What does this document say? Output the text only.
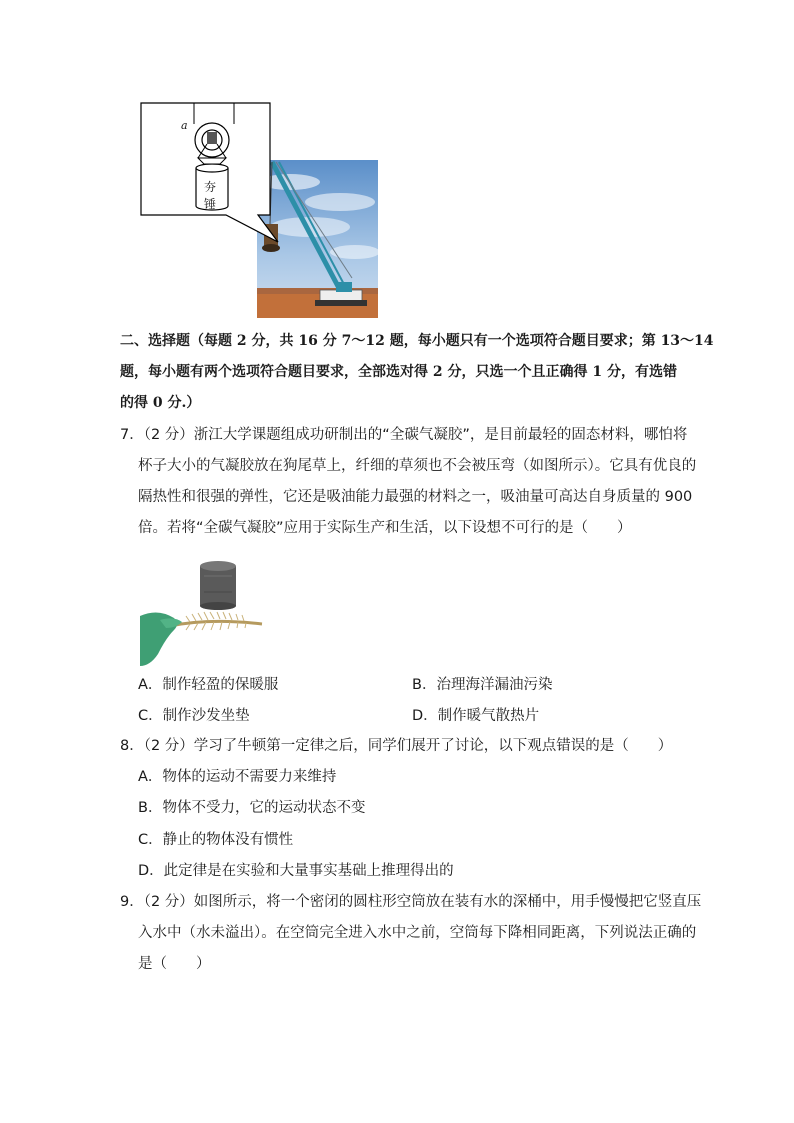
a
夯
锤
二、选择题（每题 2 分，共 16 分 7～12 题，每小题只有一个选项符合题目要求；第 13～14
题，每小题有两个选项符合题目要求，全部选对得 2 分，只选一个且正确得 1 分，有选错
的得 0 分.）
7．（2 分）浙江大学课题组成功研制出的“全碳气凝胶”，是目前最轻的固态材料，哪怕将
杯子大小的气凝胶放在狗尾草上，纤细的草须也不会被压弯（如图所示）。它具有优良的
隔热性和很强的弹性，它还是吸油能力最强的材料之一，吸油量可高达自身质量的 900
倍。若将“全碳气凝胶”应用于实际生产和生活，以下设想不可行的是（　　）
A．制作轻盈的保暖服	B．治理海洋漏油污染
C．制作沙发坐垫	D．制作暖气散热片
8．（2 分）学习了牛顿第一定律之后，同学们展开了讨论，以下观点错误的是（　　）
A．物体的运动不需要力来维持
B．物体不受力，它的运动状态不变
C．静止的物体没有惯性
D．此定律是在实验和大量事实基础上推理得出的
9．（2 分）如图所示，将一个密闭的圆柱形空筒放在装有水的深桶中，用手慢慢把它竖直压
入水中（水未溢出）。在空筒完全进入水中之前，空筒每下降相同距离，下列说法正确的
是（　　）
